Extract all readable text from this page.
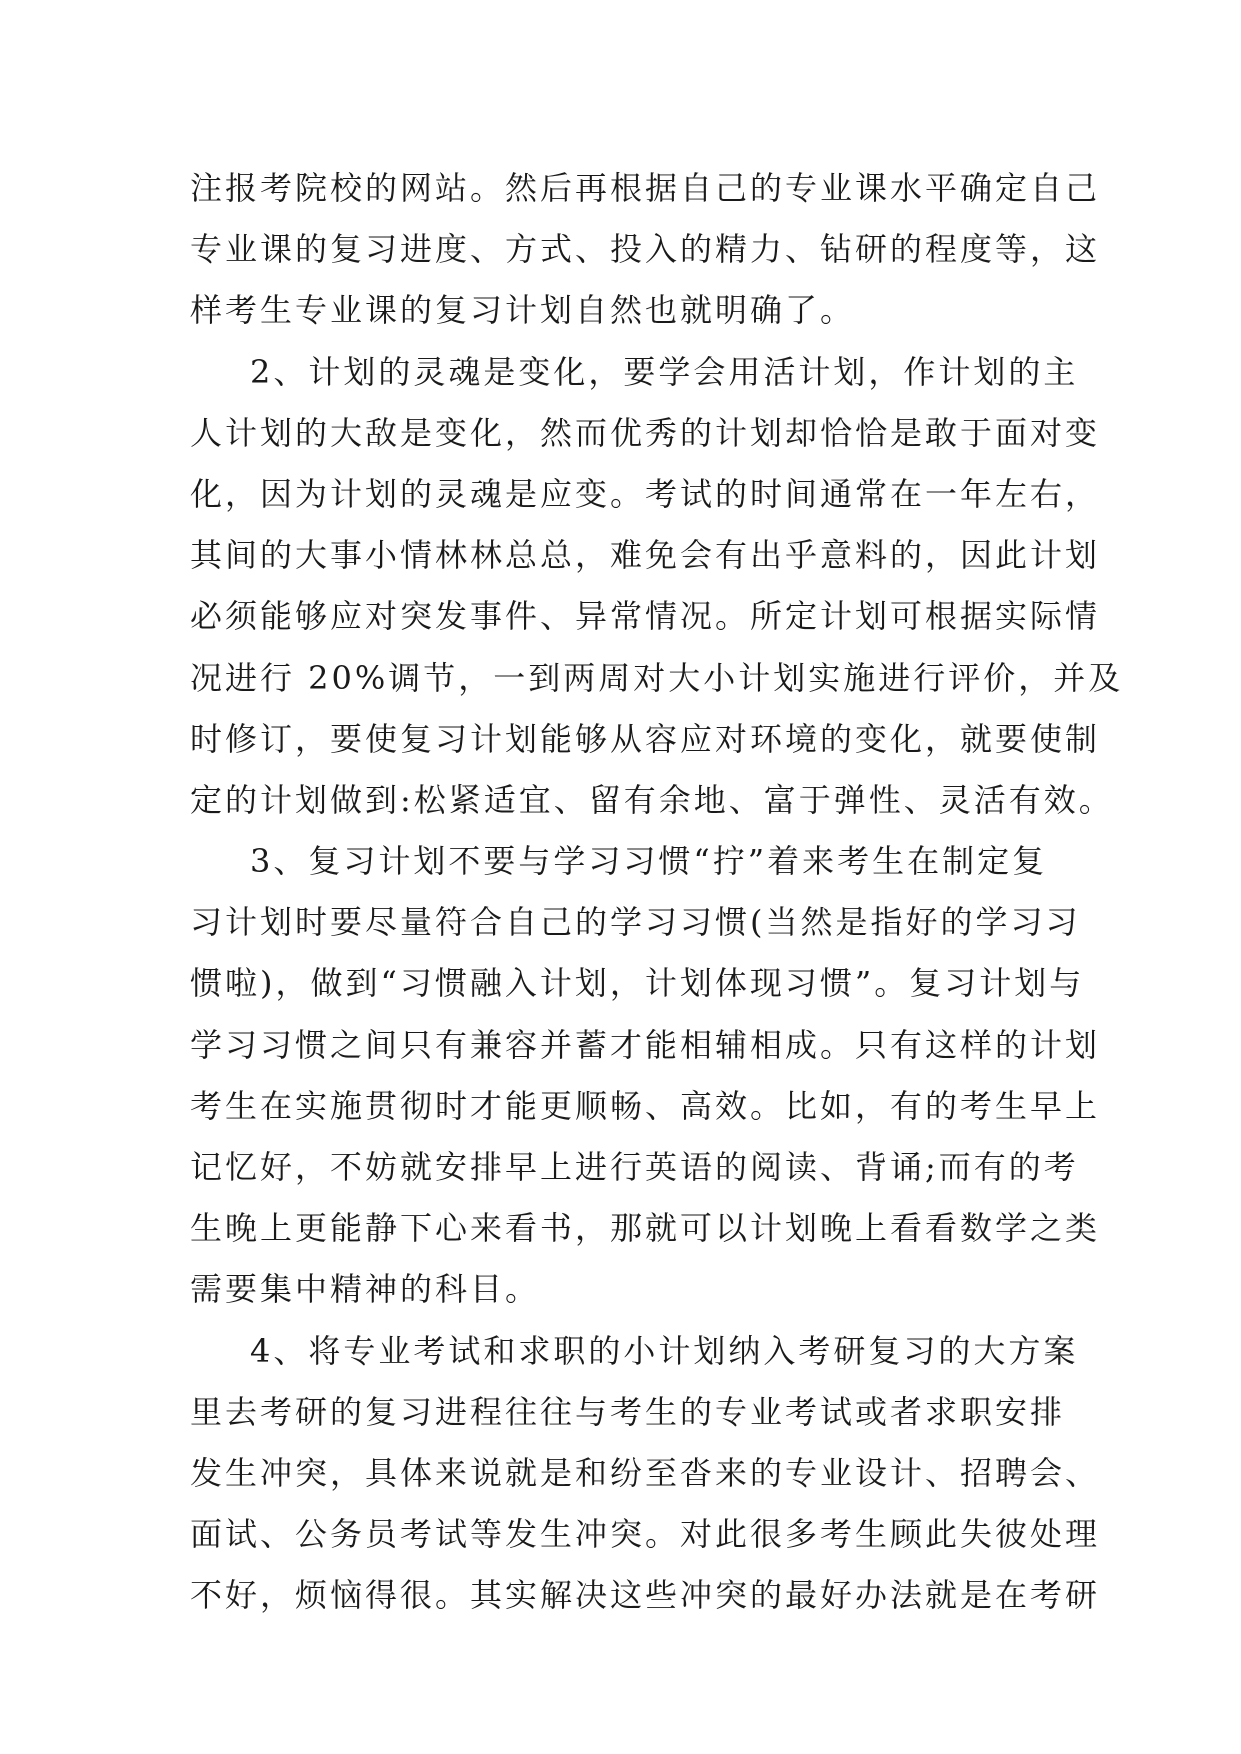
注报考院校的网站。然后再根据自己的专业课水平确定自己
专业课的复习进度、方式、投入的精力、钻研的程度等，这
样考生专业课的复习计划自然也就明确了。
2、计划的灵魂是变化，要学会用活计划，作计划的主
人计划的大敌是变化，然而优秀的计划却恰恰是敢于面对变
化，因为计划的灵魂是应变。考试的时间通常在一年左右，
其间的大事小情林林总总，难免会有出乎意料的，因此计划
必须能够应对突发事件、异常情况。所定计划可根据实际情
况进行 20%调节，一到两周对大小计划实施进行评价，并及
时修订，要使复习计划能够从容应对环境的变化，就要使制
定的计划做到:松紧适宜、留有余地、富于弹性、灵活有效。
3、复习计划不要与学习习惯“拧”着来考生在制定复
习计划时要尽量符合自己的学习习惯(当然是指好的学习习
惯啦)，做到“习惯融入计划，计划体现习惯”。复习计划与
学习习惯之间只有兼容并蓄才能相辅相成。只有这样的计划
考生在实施贯彻时才能更顺畅、高效。比如，有的考生早上
记忆好，不妨就安排早上进行英语的阅读、背诵;而有的考
生晚上更能静下心来看书，那就可以计划晚上看看数学之类
需要集中精神的科目。
4、将专业考试和求职的小计划纳入考研复习的大方案
里去考研的复习进程往往与考生的专业考试或者求职安排
发生冲突，具体来说就是和纷至沓来的专业设计、招聘会、
面试、公务员考试等发生冲突。对此很多考生顾此失彼处理
不好，烦恼得很。其实解决这些冲突的最好办法就是在考研
